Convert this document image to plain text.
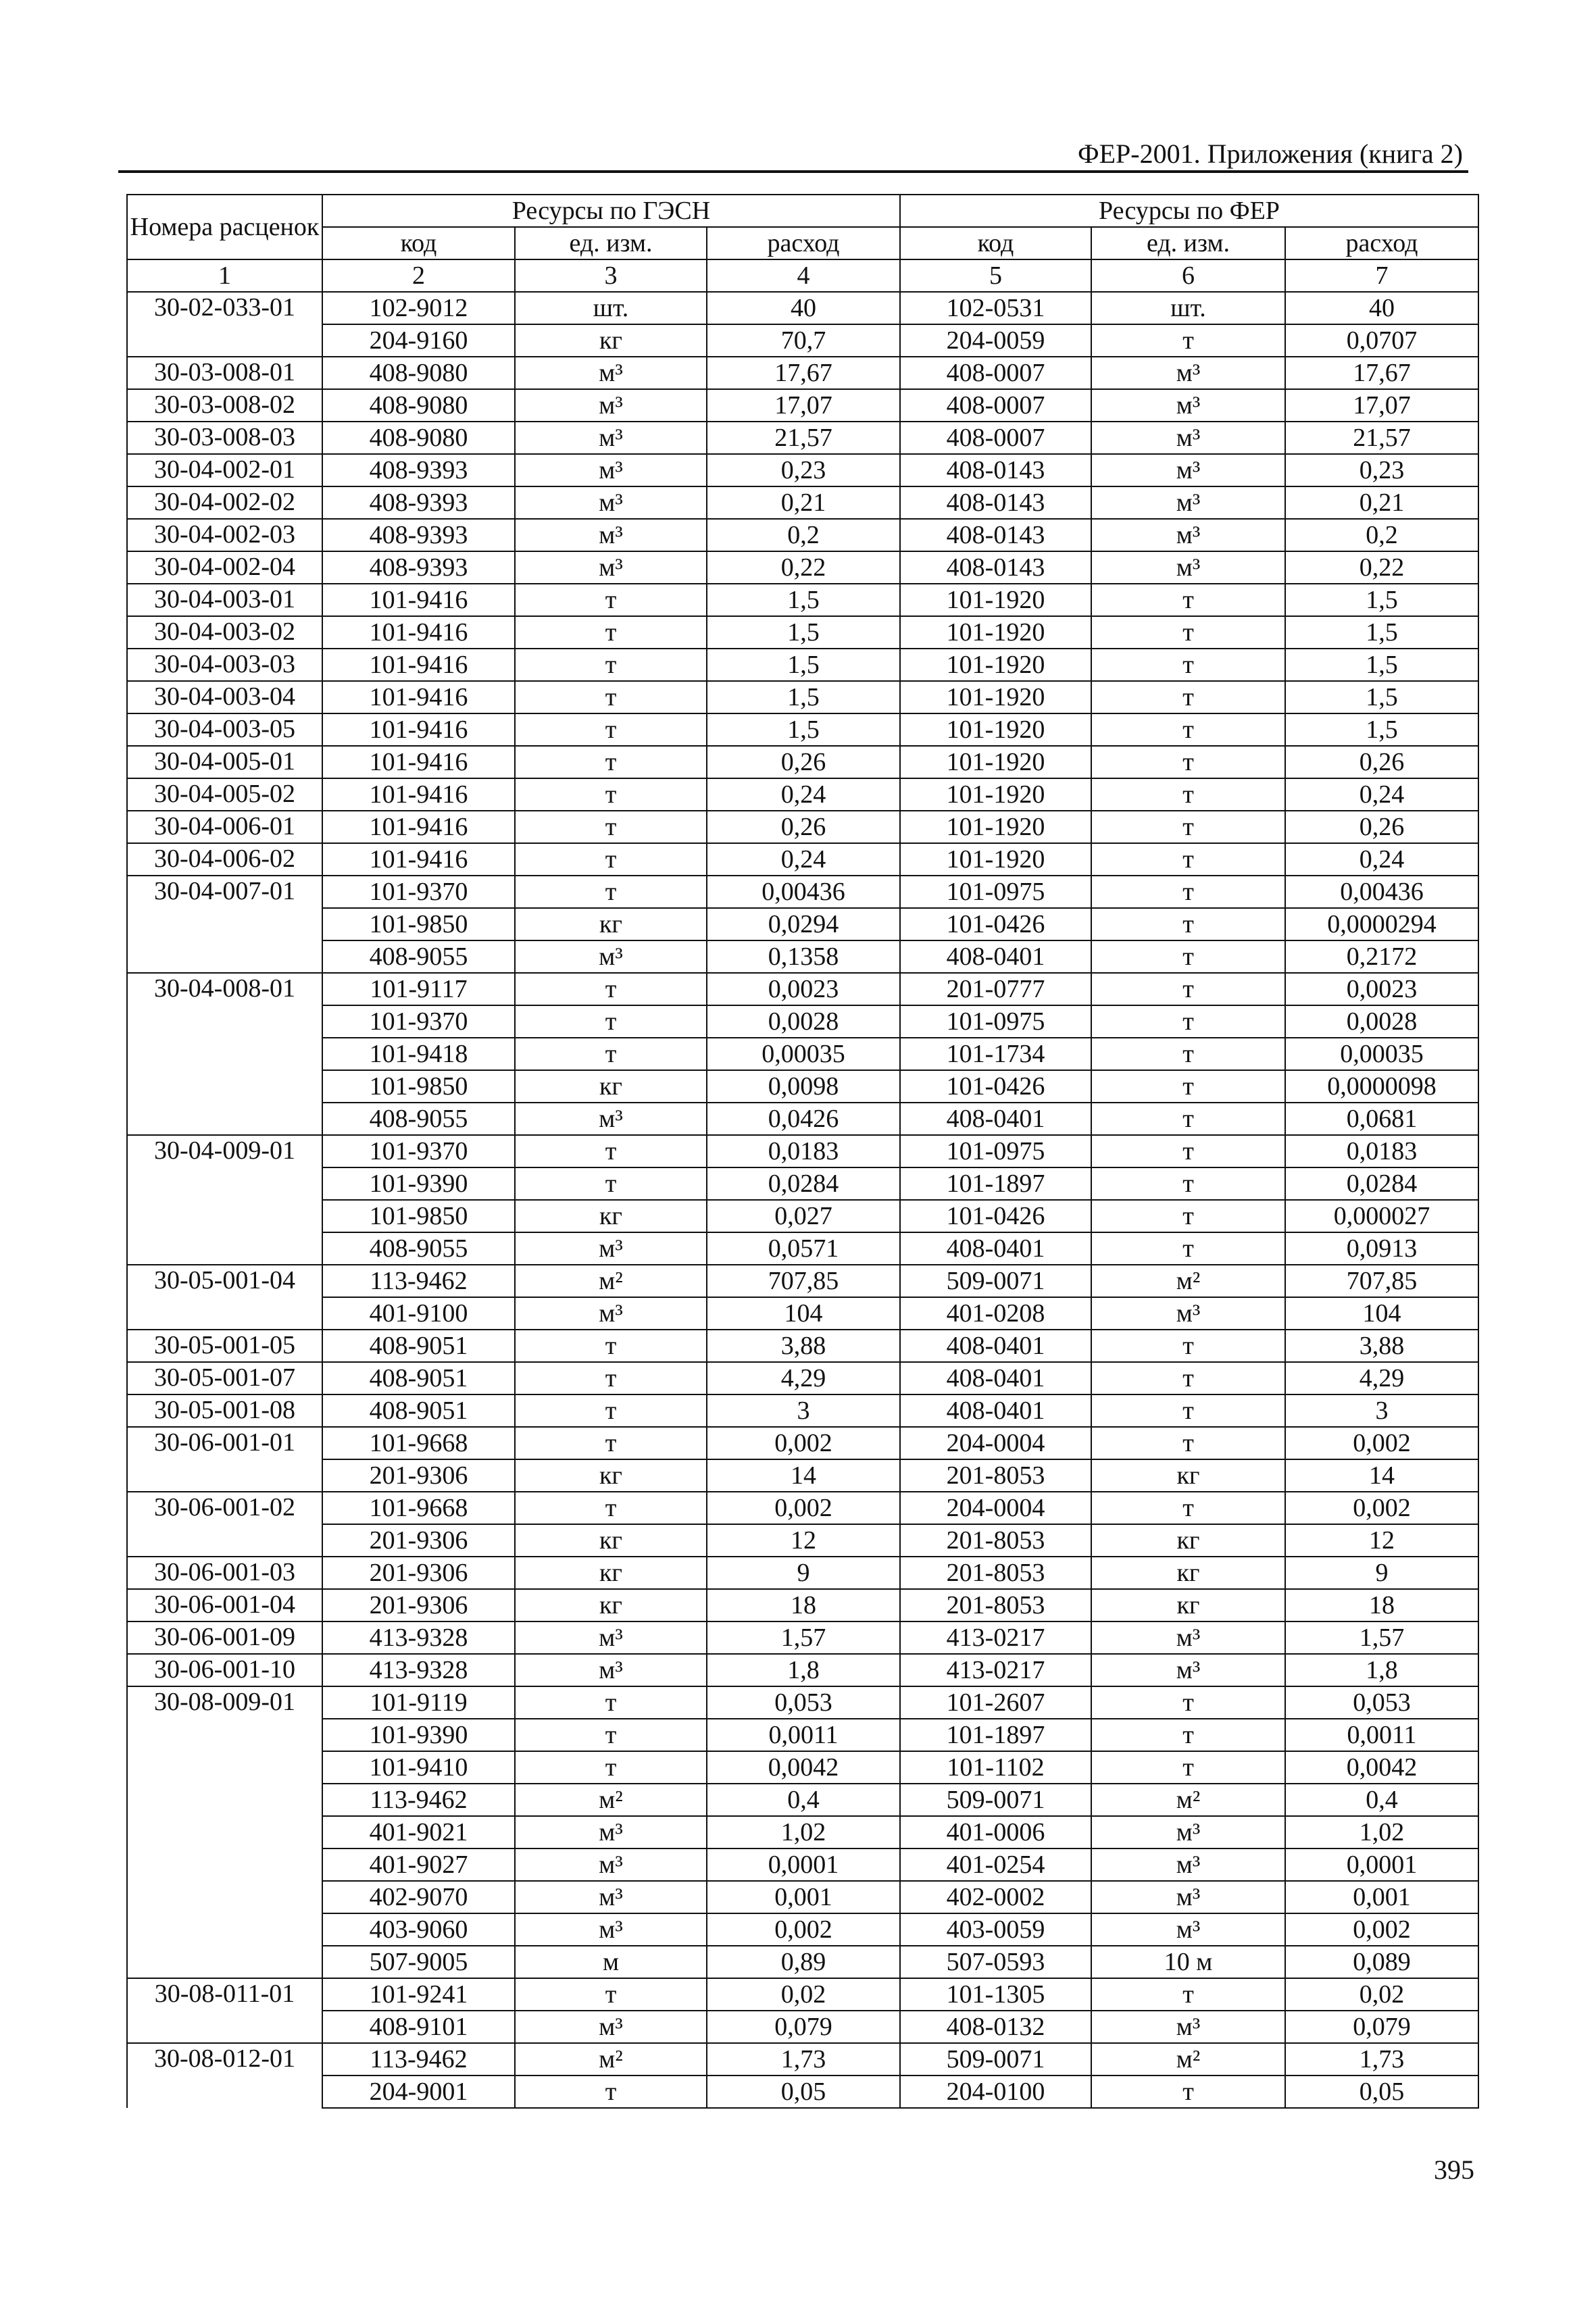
ФЕР-2001. Приложения (книга 2)
Номера расценок	Ресурсы по ГЭСН			Ресурсы по ФЕР		
	код	ед. изм.	расход	код	ед. изм.	расход
1	2	3	4	5	6	7
30-02-033-01	102-9012	шт.	40	102-0531	шт.	40
	204-9160	кг	70,7	204-0059	т	0,0707
30-03-008-01	408-9080	м³	17,67	408-0007	м³	17,67
30-03-008-02	408-9080	м³	17,07	408-0007	м³	17,07
30-03-008-03	408-9080	м³	21,57	408-0007	м³	21,57
30-04-002-01	408-9393	м³	0,23	408-0143	м³	0,23
30-04-002-02	408-9393	м³	0,21	408-0143	м³	0,21
30-04-002-03	408-9393	м³	0,2	408-0143	м³	0,2
30-04-002-04	408-9393	м³	0,22	408-0143	м³	0,22
30-04-003-01	101-9416	т	1,5	101-1920	т	1,5
30-04-003-02	101-9416	т	1,5	101-1920	т	1,5
30-04-003-03	101-9416	т	1,5	101-1920	т	1,5
30-04-003-04	101-9416	т	1,5	101-1920	т	1,5
30-04-003-05	101-9416	т	1,5	101-1920	т	1,5
30-04-005-01	101-9416	т	0,26	101-1920	т	0,26
30-04-005-02	101-9416	т	0,24	101-1920	т	0,24
30-04-006-01	101-9416	т	0,26	101-1920	т	0,26
30-04-006-02	101-9416	т	0,24	101-1920	т	0,24
30-04-007-01	101-9370	т	0,00436	101-0975	т	0,00436
	101-9850	кг	0,0294	101-0426	т	0,0000294
	408-9055	м³	0,1358	408-0401	т	0,2172
30-04-008-01	101-9117	т	0,0023	201-0777	т	0,0023
	101-9370	т	0,0028	101-0975	т	0,0028
	101-9418	т	0,00035	101-1734	т	0,00035
	101-9850	кг	0,0098	101-0426	т	0,0000098
	408-9055	м³	0,0426	408-0401	т	0,0681
30-04-009-01	101-9370	т	0,0183	101-0975	т	0,0183
	101-9390	т	0,0284	101-1897	т	0,0284
	101-9850	кг	0,027	101-0426	т	0,000027
	408-9055	м³	0,0571	408-0401	т	0,0913
30-05-001-04	113-9462	м²	707,85	509-0071	м²	707,85
	401-9100	м³	104	401-0208	м³	104
30-05-001-05	408-9051	т	3,88	408-0401	т	3,88
30-05-001-07	408-9051	т	4,29	408-0401	т	4,29
30-05-001-08	408-9051	т	3	408-0401	т	3
30-06-001-01	101-9668	т	0,002	204-0004	т	0,002
	201-9306	кг	14	201-8053	кг	14
30-06-001-02	101-9668	т	0,002	204-0004	т	0,002
	201-9306	кг	12	201-8053	кг	12
30-06-001-03	201-9306	кг	9	201-8053	кг	9
30-06-001-04	201-9306	кг	18	201-8053	кг	18
30-06-001-09	413-9328	м³	1,57	413-0217	м³	1,57
30-06-001-10	413-9328	м³	1,8	413-0217	м³	1,8
30-08-009-01	101-9119	т	0,053	101-2607	т	0,053
	101-9390	т	0,0011	101-1897	т	0,0011
	101-9410	т	0,0042	101-1102	т	0,0042
	113-9462	м²	0,4	509-0071	м²	0,4
	401-9021	м³	1,02	401-0006	м³	1,02
	401-9027	м³	0,0001	401-0254	м³	0,0001
	402-9070	м³	0,001	402-0002	м³	0,001
	403-9060	м³	0,002	403-0059	м³	0,002
	507-9005	м	0,89	507-0593	10 м	0,089
30-08-011-01	101-9241	т	0,02	101-1305	т	0,02
	408-9101	м³	0,079	408-0132	м³	0,079
30-08-012-01	113-9462	м²	1,73	509-0071	м²	1,73
	204-9001	т	0,05	204-0100	т	0,05
395
